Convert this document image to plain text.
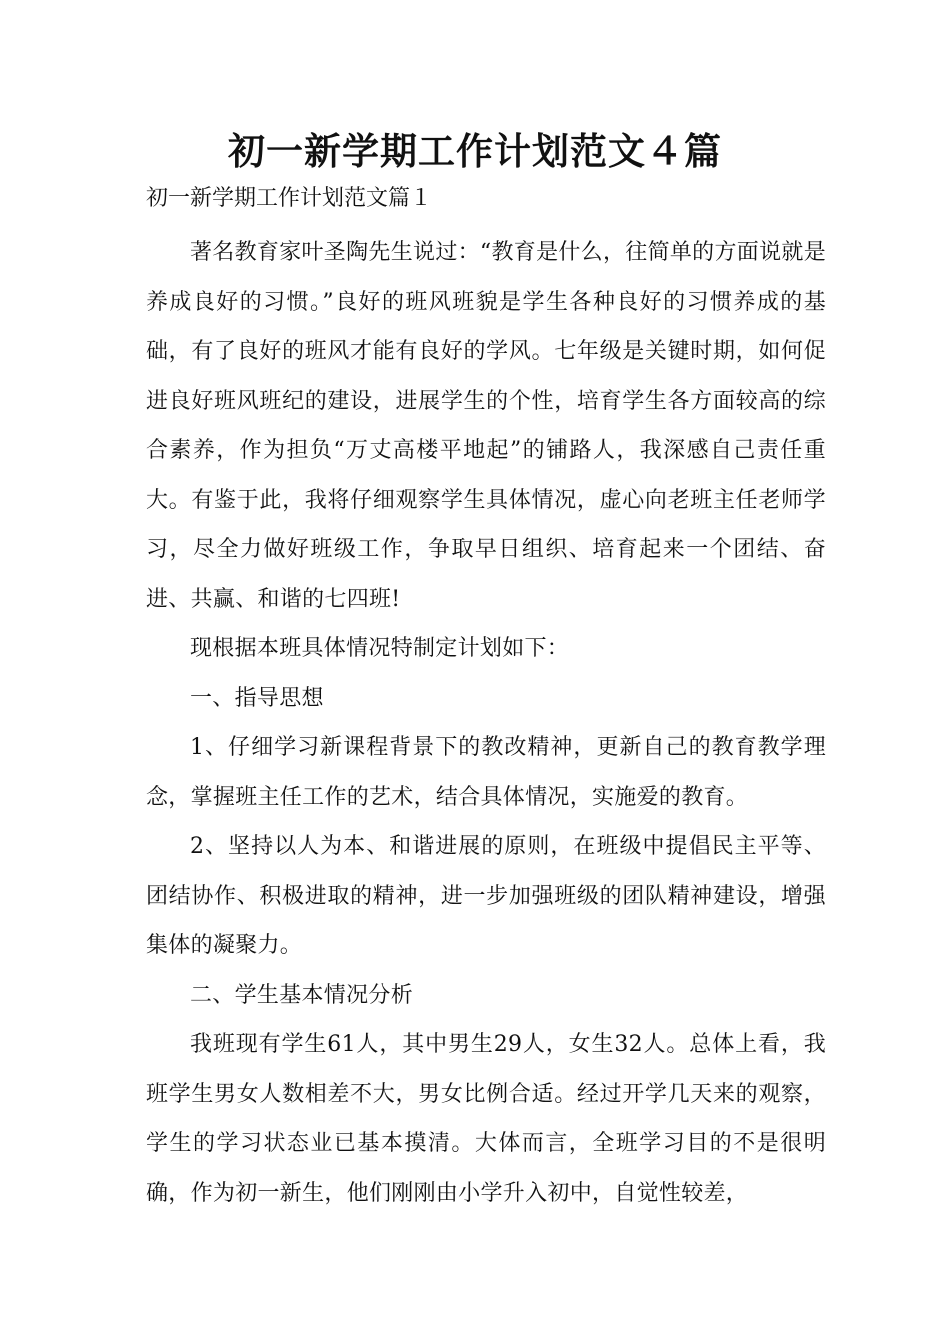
初一新学期工作计划范文４篇
初一新学期工作计划范文篇１

著名教育家叶圣陶先生说过：“教育是什么，往简单的方面说就是养成良好的习惯。”良好的班风班貌是学生各种良好的习惯养成的基础，有了良好的班风才能有良好的学风。七年级是关键时期，如何促进良好班风班纪的建设，进展学生的个性，培育学生各方面较高的综合素养，作为担负“万丈高楼平地起”的铺路人，我深感自己责任重大。有鉴于此，我将仔细观察学生具体情况，虚心向老班主任老师学习，尽全力做好班级工作，争取早日组织、培育起来一个团结、奋进、共赢、和谐的七四班!

现根据本班具体情况特制定计划如下：

一、指导思想

1、仔细学习新课程背景下的教改精神，更新自己的教育教学理念，掌握班主任工作的艺术，结合具体情况，实施爱的教育。

2、坚持以人为本、和谐进展的原则，在班级中提倡民主平等、团结协作、积极进取的精神，进一步加强班级的团队精神建设，增强集体的凝聚力。

二、学生基本情况分析

我班现有学生61人，其中男生29人，女生32人。总体上看，我班学生男女人数相差不大，男女比例合适。经过开学几天来的观察，学生的学习状态业已基本摸清。大体而言，全班学习目的不是很明确，作为初一新生，他们刚刚由小学升入初中，自觉性较差，
